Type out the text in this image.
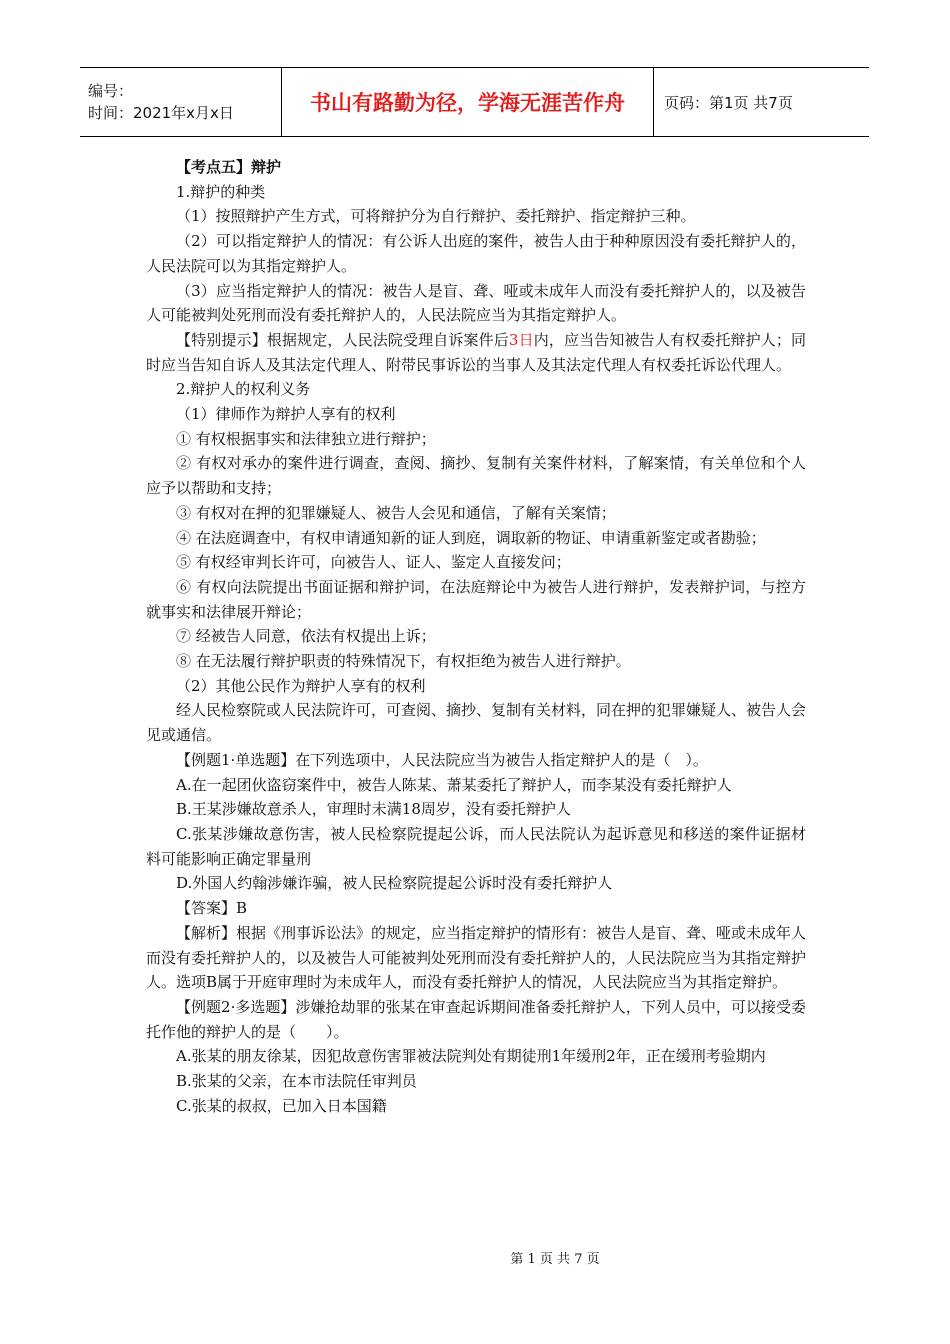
编号：
时间：2021年x月x日	书山有路勤为径，学海无涯苦作舟	页码：第1页 共7页

【考点五】辩护

1.辩护的种类

（1）按照辩护产生方式，可将辩护分为自行辩护、委托辩护、指定辩护三种。

（2）可以指定辩护人的情况：有公诉人出庭的案件，被告人由于种种原因没有委托辩护人的，人民法院可以为其指定辩护人。

（3）应当指定辩护人的情况：被告人是盲、聋、哑或未成年人而没有委托辩护人的，以及被告人可能被判处死刑而没有委托辩护人的，人民法院应当为其指定辩护人。

【特别提示】根据规定，人民法院受理自诉案件后3日内，应当告知被告人有权委托辩护人；同时应当告知自诉人及其法定代理人、附带民事诉讼的当事人及其法定代理人有权委托诉讼代理人。

2.辩护人的权利义务

（1）律师作为辩护人享有的权利

① 有权根据事实和法律独立进行辩护；

② 有权对承办的案件进行调查，查阅、摘抄、复制有关案件材料，了解案情，有关单位和个人应予以帮助和支持；

③ 有权对在押的犯罪嫌疑人、被告人会见和通信，了解有关案情；

④ 在法庭调查中，有权申请通知新的证人到庭，调取新的物证、申请重新鉴定或者勘验；

⑤ 有权经审判长许可，向被告人、证人、鉴定人直接发问；

⑥ 有权向法院提出书面证据和辩护词，在法庭辩论中为被告人进行辩护，发表辩护词，与控方就事实和法律展开辩论；

⑦ 经被告人同意，依法有权提出上诉；

⑧ 在无法履行辩护职责的特殊情况下，有权拒绝为被告人进行辩护。

（2）其他公民作为辩护人享有的权利

经人民检察院或人民法院许可，可查阅、摘抄、复制有关材料，同在押的犯罪嫌疑人、被告人会见或通信。

【例题1·单选题】在下列选项中，人民法院应当为被告人指定辩护人的是（　）。

A.在一起团伙盗窃案件中，被告人陈某、萧某委托了辩护人，而李某没有委托辩护人

B.王某涉嫌故意杀人，审理时未满18周岁，没有委托辩护人

C.张某涉嫌故意伤害，被人民检察院提起公诉，而人民法院认为起诉意见和移送的案件证据材料可能影响正确定罪量刑

D.外国人约翰涉嫌诈骗，被人民检察院提起公诉时没有委托辩护人

【答案】B

【解析】根据《刑事诉讼法》的规定，应当指定辩护的情形有：被告人是盲、聋、哑或未成年人而没有委托辩护人的，以及被告人可能被判处死刑而没有委托辩护人的，人民法院应当为其指定辩护人。选项B属于开庭审理时为未成年人，而没有委托辩护人的情况，人民法院应当为其指定辩护。

【例题2·多选题】涉嫌抢劫罪的张某在审查起诉期间准备委托辩护人，下列人员中，可以接受委托作他的辩护人的是（　　）。

A.张某的朋友徐某，因犯故意伤害罪被法院判处有期徒刑1年缓刑2年，正在缓刑考验期内

B.张某的父亲，在本市法院任审判员

C.张某的叔叔，已加入日本国籍

第 1 页 共 7 页
